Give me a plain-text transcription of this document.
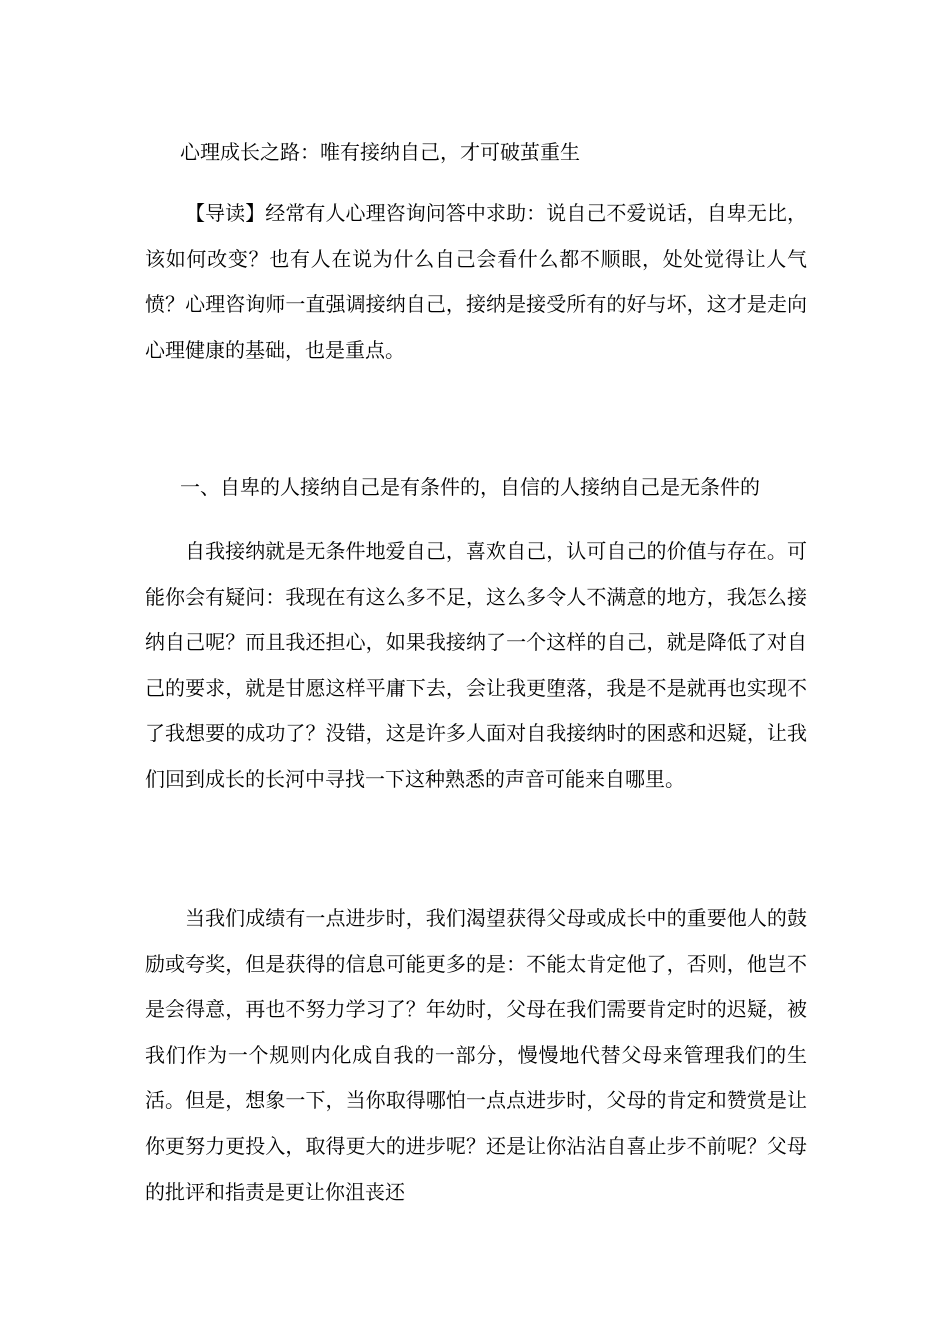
心理成长之路：唯有接纳自己，才可破茧重生

【导读】经常有人心理咨询问答中求助：说自己不爱说话，自卑无比，该如何改变？也有人在说为什么自己会看什么都不顺眼，处处觉得让人气愤？心理咨询师一直强调接纳自己，接纳是接受所有的好与坏，这才是走向心理健康的基础，也是重点。

一、自卑的人接纳自己是有条件的，自信的人接纳自己是无条件的

自我接纳就是无条件地爱自己，喜欢自己，认可自己的价值与存在。可能你会有疑问：我现在有这么多不足，这么多令人不满意的地方，我怎么接纳自己呢？而且我还担心，如果我接纳了一个这样的自己，就是降低了对自己的要求，就是甘愿这样平庸下去，会让我更堕落，我是不是就再也实现不了我想要的成功了？没错，这是许多人面对自我接纳时的困惑和迟疑，让我们回到成长的长河中寻找一下这种熟悉的声音可能来自哪里。

当我们成绩有一点进步时，我们渴望获得父母或成长中的重要他人的鼓励或夸奖，但是获得的信息可能更多的是：不能太肯定他了，否则，他岂不是会得意，再也不努力学习了？年幼时，父母在我们需要肯定时的迟疑，被我们作为一个规则内化成自我的一部分，慢慢地代替父母来管理我们的生活。但是，想象一下，当你取得哪怕一点点进步时，父母的肯定和赞赏是让你更努力更投入，取得更大的进步呢？还是让你沾沾自喜止步不前呢？父母的批评和指责是更让你沮丧还
